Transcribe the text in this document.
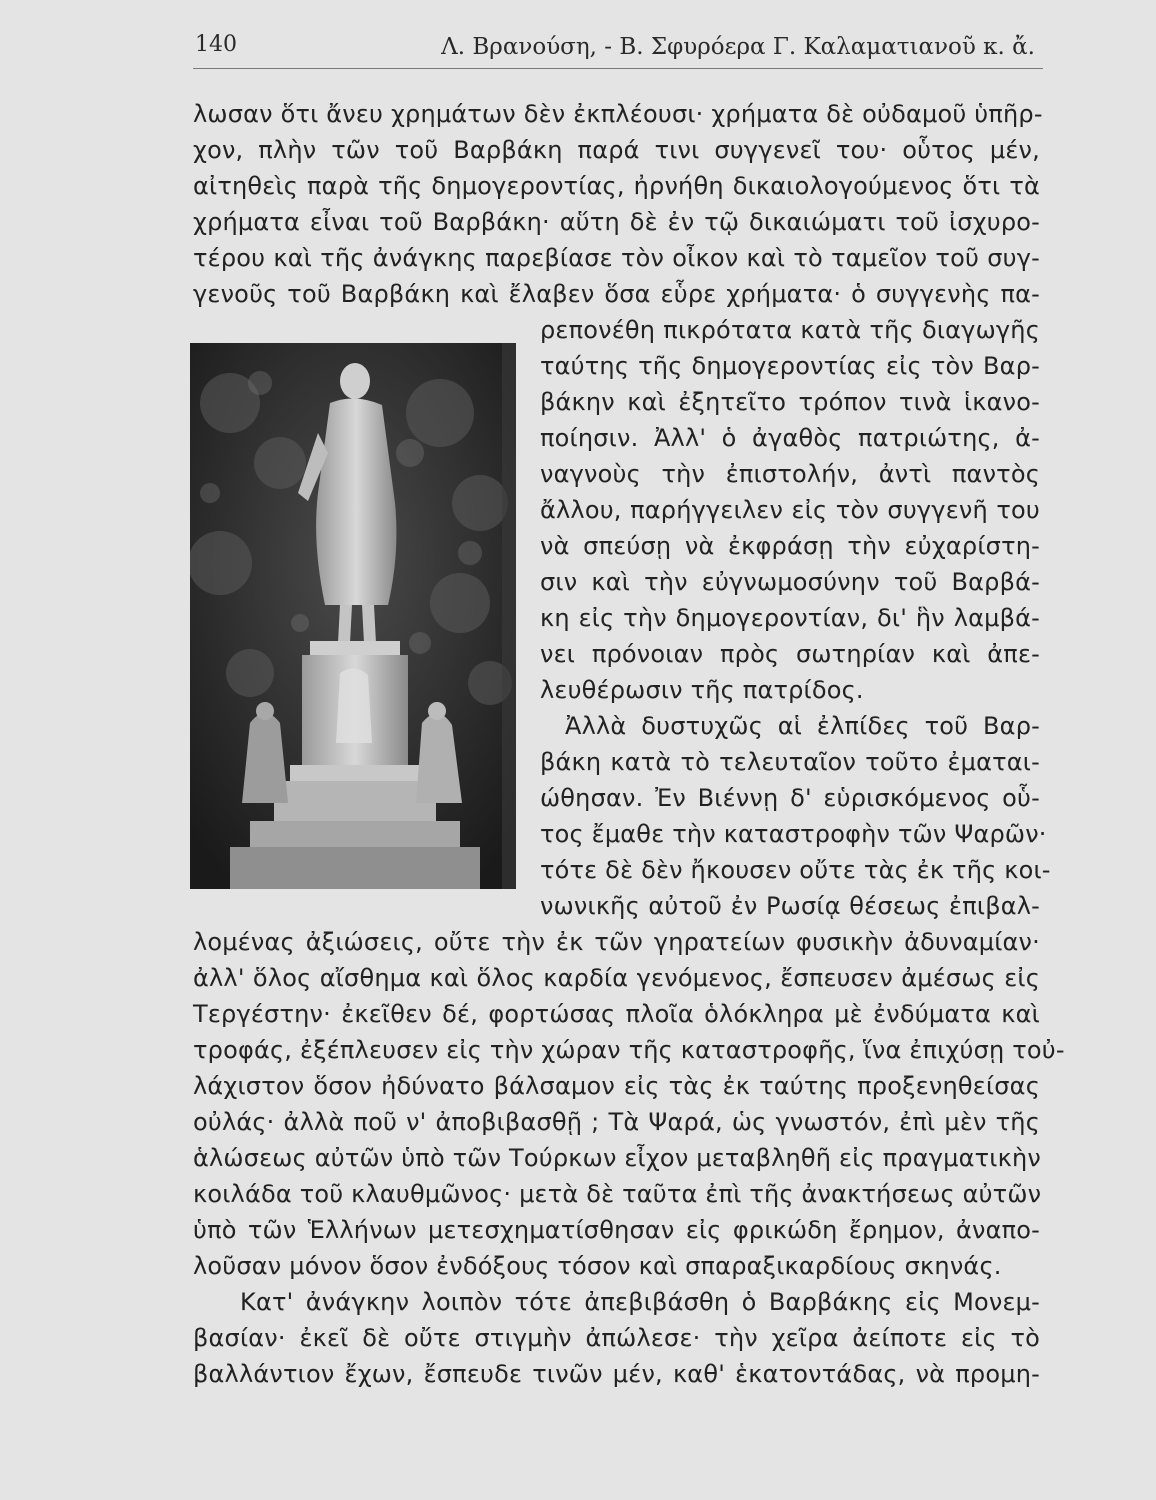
140	Λ. Βρανούση, - Β. Σφυρόερα Γ. Καλαματιανοῦ κ. ἄ.
λωσαν ὅτι ἄνευ χρημάτων δὲν ἐκπλέουσι· χρήματα δὲ οὐδαμοῦ ὑπῆρ-
χον, πλὴν τῶν τοῦ Βαρβάκη παρά τινι συγγενεῖ του· οὗτος μέν,
αἰτηθεὶς παρὰ τῆς δημογεροντίας, ἠρνήθη δικαιολογούμενος ὅτι τὰ
χρήματα εἶναι τοῦ Βαρβάκη· αὕτη δὲ ἐν τῷ δικαιώματι τοῦ ἰσχυρο-
τέρου καὶ τῆς ἀνάγκης παρεβίασε τὸν οἶκον καὶ τὸ ταμεῖον τοῦ συγ-
γενοῦς τοῦ Βαρβάκη καὶ ἔλαβεν ὅσα εὗρε χρήματα· ὁ συγγενὴς πα-
ρεπονέθη πικρότατα κατὰ τῆς διαγωγῆς
ταύτης τῆς δημογεροντίας εἰς τὸν Βαρ-
βάκην καὶ ἐξητεῖτο τρόπον τινὰ ἱκανο-
ποίησιν. Ἀλλ' ὁ ἀγαθὸς πατριώτης, ἀ-
ναγνοὺς τὴν ἐπιστολήν, ἀντὶ παντὸς
ἄλλου, παρήγγειλεν εἰς τὸν συγγενῆ του
νὰ σπεύσῃ νὰ ἐκφράσῃ τὴν εὐχαρίστη-
σιν καὶ τὴν εὐγνωμοσύνην τοῦ Βαρβά-
κη εἰς τὴν δημογεροντίαν, δι' ἣν λαμβά-
νει πρόνοιαν πρὸς σωτηρίαν καὶ ἀπε-
λευθέρωσιν τῆς πατρίδος.
Ἀλλὰ δυστυχῶς αἱ ἐλπίδες τοῦ Βαρ-
βάκη κατὰ τὸ τελευταῖον τοῦτο ἐμαται-
ώθησαν. Ἐν Βιέννῃ δ' εὑρισκόμενος οὗ-
τος ἔμαθε τὴν καταστροφὴν τῶν Ψαρῶν·
τότε δὲ δὲν ἤκουσεν οὔτε τὰς ἐκ τῆς κοι-
νωνικῆς αὐτοῦ ἐν Ρωσίᾳ θέσεως ἐπιβαλ-
λομένας ἀξιώσεις, οὔτε τὴν ἐκ τῶν γηρατείων φυσικὴν ἀδυναμίαν·
ἀλλ' ὅλος αἴσθημα καὶ ὅλος καρδία γενόμενος, ἔσπευσεν ἀμέσως εἰς
Τεργέστην· ἐκεῖθεν δέ, φορτώσας πλοῖα ὁλόκληρα μὲ ἐνδύματα καὶ
τροφάς, ἐξέπλευσεν εἰς τὴν χώραν τῆς καταστροφῆς, ἵνα ἐπιχύσῃ τοὐ-
λάχιστον ὅσον ἠδύνατο βάλσαμον εἰς τὰς ἐκ ταύτης προξενηθείσας
οὐλάς· ἀλλὰ ποῦ ν' ἀποβιβασθῇ ; Τὰ Ψαρά, ὡς γνωστόν, ἐπὶ μὲν τῆς
ἁλώσεως αὐτῶν ὑπὸ τῶν Τούρκων εἶχον μεταβληθῆ εἰς πραγματικὴν
κοιλάδα τοῦ κλαυθμῶνος· μετὰ δὲ ταῦτα ἐπὶ τῆς ἀνακτήσεως αὐτῶν
ὑπὸ τῶν Ἑλλήνων μετεσχηματίσθησαν εἰς φρικώδη ἔρημον, ἀναπο-
λοῦσαν μόνον ὅσον ἐνδόξους τόσον καὶ σπαραξικαρδίους σκηνάς.
Κατ' ἀνάγκην λοιπὸν τότε ἀπεβιβάσθη ὁ Βαρβάκης εἰς Μονεμ-
βασίαν· ἐκεῖ δὲ οὔτε στιγμὴν ἀπώλεσε· τὴν χεῖρα ἀείποτε εἰς τὸ
βαλλάντιον ἔχων, ἔσπευδε τινῶν μέν, καθ' ἑκατοντάδας, νὰ προμη-
